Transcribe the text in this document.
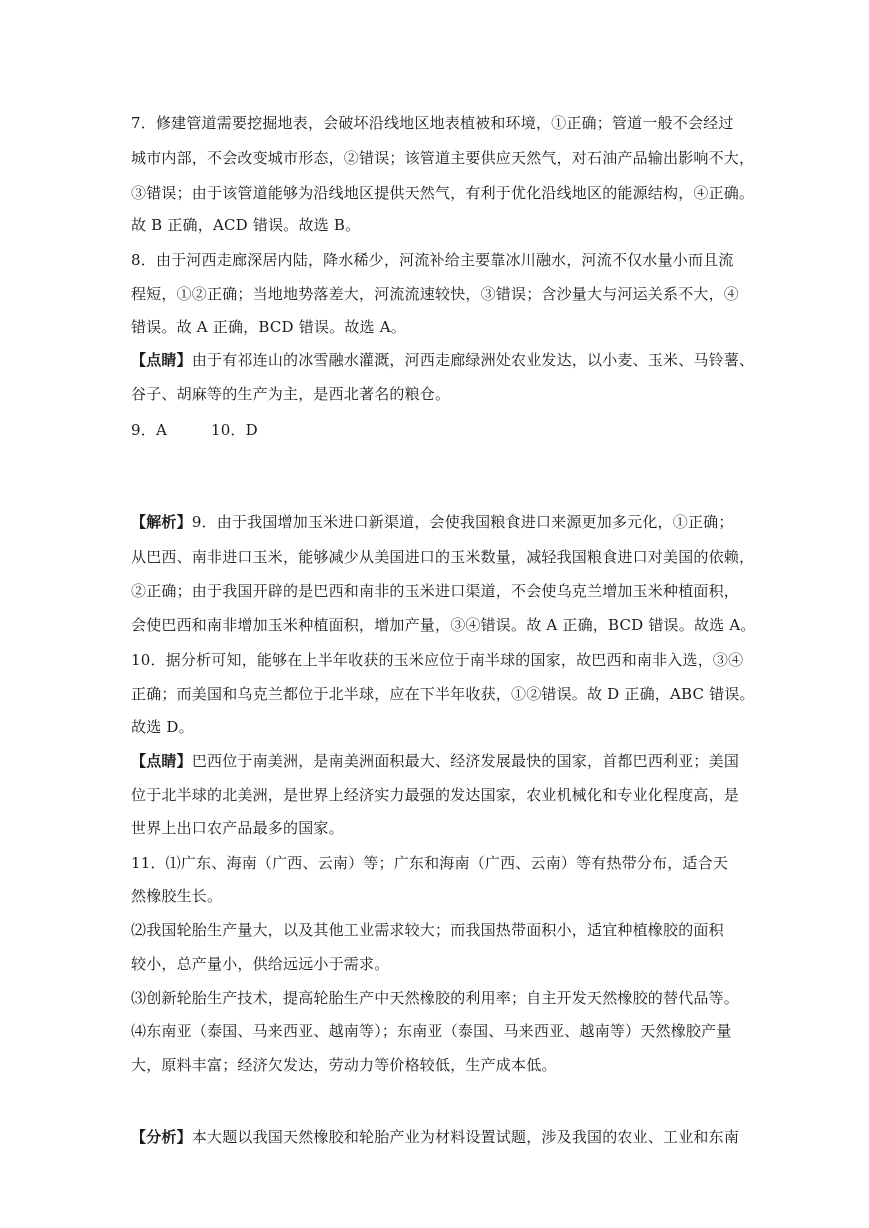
7．修建管道需要挖掘地表，会破坏沿线地区地表植被和环境，①正确；管道一般不会经过

城市内部，不会改变城市形态，②错误；该管道主要供应天然气，对石油产品输出影响不大，

③错误；由于该管道能够为沿线地区提供天然气，有利于优化沿线地区的能源结构，④正确。

故 B 正确，ACD 错误。故选 B。

8．由于河西走廊深居内陆，降水稀少，河流补给主要靠冰川融水，河流不仅水量小而且流

程短，①②正确；当地地势落差大，河流流速较快，③错误；含沙量大与河运关系不大，④

错误。故 A 正确，BCD 错误。故选 A。

【点睛】由于有祁连山的冰雪融水灌溉，河西走廊绿洲处农业发达，以小麦、玉米、马铃薯、

谷子、胡麻等的生产为主，是西北著名的粮仓。

9．A	10．D

【解析】9．由于我国增加玉米进口新渠道，会使我国粮食进口来源更加多元化，①正确；

从巴西、南非进口玉米，能够减少从美国进口的玉米数量，减轻我国粮食进口对美国的依赖，

②正确；由于我国开辟的是巴西和南非的玉米进口渠道，不会使乌克兰增加玉米种植面积，

会使巴西和南非增加玉米种植面积，增加产量，③④错误。故 A 正确，BCD 错误。故选 A。

10．据分析可知，能够在上半年收获的玉米应位于南半球的国家，故巴西和南非入选，③④

正确；而美国和乌克兰都位于北半球，应在下半年收获，①②错误。故 D 正确，ABC 错误。

故选 D。

【点睛】巴西位于南美洲，是南美洲面积最大、经济发展最快的国家，首都巴西利亚；美国

位于北半球的北美洲，是世界上经济实力最强的发达国家，农业机械化和专业化程度高，是

世界上出口农产品最多的国家。

11．⑴广东、海南（广西、云南）等；广东和海南（广西、云南）等有热带分布，适合天

然橡胶生长。

⑵我国轮胎生产量大，以及其他工业需求较大；而我国热带面积小，适宜种植橡胶的面积

较小，总产量小，供给远远小于需求。

⑶创新轮胎生产技术，提高轮胎生产中天然橡胶的利用率；自主开发天然橡胶的替代品等。

⑷东南亚（泰国、马来西亚、越南等）；东南亚（泰国、马来西亚、越南等）天然橡胶产量

大，原料丰富；经济欠发达，劳动力等价格较低，生产成本低。

【分析】本大题以我国天然橡胶和轮胎产业为材料设置试题，涉及我国的农业、工业和东南
